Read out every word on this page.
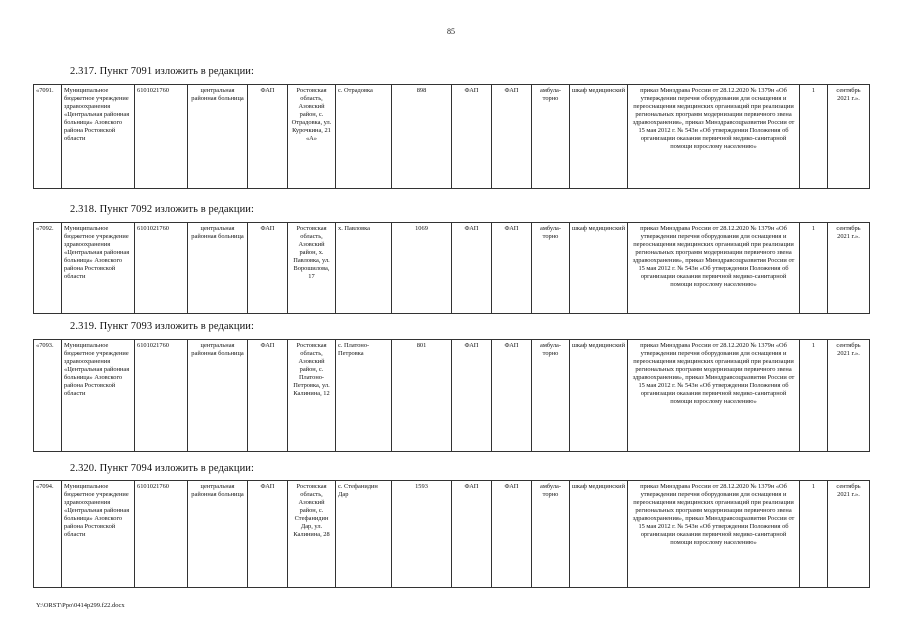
85
2.317. Пункт 7091 изложить в редакции:
«7091.	Муниципальное бюджетное учреждение здравоохранения «Центральная районная больница» Азовского района Ростовской области	6101021760	центральная районная больница	ФАП	Ростовская область, Азовский район, с. Отрадовка, ул. Курочкина, 21 «А»	с. Отрадовка	898	ФАП	ФАП	амбула-торно	шкаф медицинский	приказ Минздрава России от 28.12.2020 № 1379н «Об утверждении перечня оборудования для оснащения и переоснащения медицинских организаций при реализации региональных программ модернизации первичного звена здравоохранения», приказ Минздравсоцразвития России от 15 мая 2012 г. № 543н «Об утверждении Положения об организации оказания первичной медико-санитарной помощи взрослому населению»	1	сентябрь 2021 г.».
2.318. Пункт 7092 изложить в редакции:
«7092.	Муниципальное бюджетное учреждение здравоохранения «Центральная районная больница» Азовского района Ростовской области	6101021760	центральная районная больница	ФАП	Ростовская область, Азовский район, х. Павловка, ул. Ворошилова, 17	х. Павловка	1069	ФАП	ФАП	амбула-торно	шкаф медицинский	приказ Минздрава России от 28.12.2020 № 1379н «Об утверждении перечня оборудования для оснащения и переоснащения медицинских организаций при реализации региональных программ модернизации первичного звена здравоохранения», приказ Минздравсоцразвития России от 15 мая 2012 г. № 543н «Об утверждении Положения об организации оказания первичной медико-санитарной помощи взрослому населению»	1	сентябрь 2021 г.».
2.319. Пункт 7093 изложить в редакции:
«7093.	Муниципальное бюджетное учреждение здравоохранения «Центральная районная больница» Азовского района Ростовской области	6101021760	центральная районная больница	ФАП	Ростовская область, Азовский район, с. Платоно-Петровка, ул. Калинина, 12	с. Платоно-Петровка	801	ФАП	ФАП	амбула-торно	шкаф медицинский	приказ Минздрава России от 28.12.2020 № 1379н «Об утверждении перечня оборудования для оснащения и переоснащения медицинских организаций при реализации региональных программ модернизации первичного звена здравоохранения», приказ Минздравсоцразвития России от 15 мая 2012 г. № 543н «Об утверждении Положения об организации оказания первичной медико-санитарной помощи взрослому населению»	1	сентябрь 2021 г.».
2.320. Пункт 7094 изложить в редакции:
«7094.	Муниципальное бюджетное учреждение здравоохранения «Центральная районная больница» Азовского района Ростовской области	6101021760	центральная районная больница	ФАП	Ростовская область, Азовский район, с. Стефанидин Дар, ул. Калинина, 28	с. Стефанидин Дар	1593	ФАП	ФАП	амбула-торно	шкаф медицинский	приказ Минздрава России от 28.12.2020 № 1379н «Об утверждении перечня оборудования для оснащения и переоснащения медицинских организаций при реализации региональных программ модернизации первичного звена здравоохранения», приказ Минздравсоцразвития России от 15 мая 2012 г. № 543н «Об утверждении Положения об организации оказания первичной медико-санитарной помощи взрослому населению»	1	сентябрь 2021 г.».
Y:\ORST\Ppo\0414p299.f22.docx
